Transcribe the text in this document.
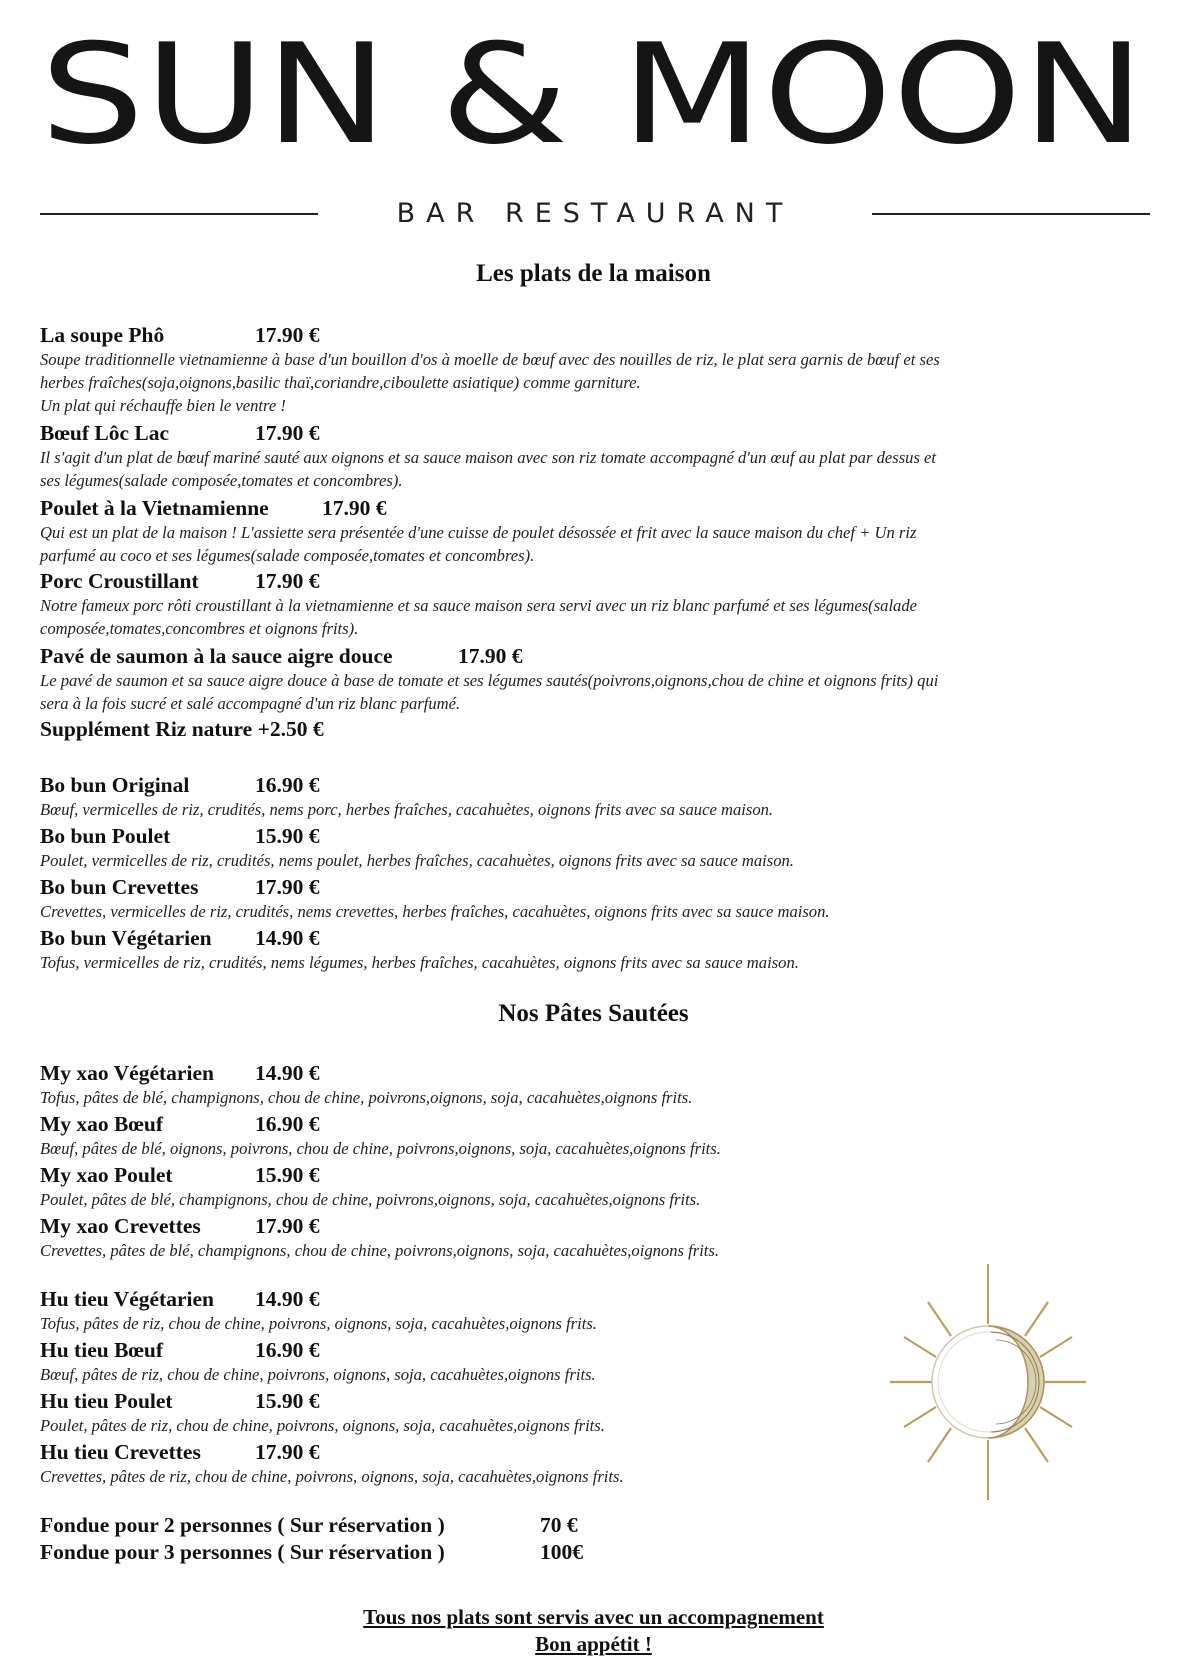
SUN & MOON
BAR RESTAURANT
Les plats de la maison
La soupe Phô	17.90 €
Soupe traditionnelle vietnamienne à base d'un bouillon d'os à moelle de bœuf avec des nouilles de riz, le plat sera garnis de bœuf et ses
herbes fraîches(soja,oignons,basilic thaï,coriandre,ciboulette asiatique) comme garniture.
Un plat qui réchauffe bien le ventre !
Bœuf Lôc Lac	17.90 €
Il s'agit d'un plat de bœuf mariné sauté aux oignons et sa sauce maison avec son riz tomate accompagné d'un œuf au plat par dessus et
ses légumes(salade composée,tomates et concombres).
Poulet à la Vietnamienne 17.90 €
Qui est un plat de la maison ! L'assiette sera présentée d'une cuisse de poulet désossée et frit avec la sauce maison du chef + Un riz
parfumé au coco et ses légumes(salade composée,tomates et concombres).
Porc Croustillant	17.90 €
Notre fameux porc rôti croustillant à la vietnamienne et sa sauce maison sera servi avec un riz blanc parfumé et ses légumes(salade
composée,tomates,concombres et oignons frits).
Pavé de saumon à la sauce aigre douce	17.90 €
Le pavé de saumon et sa sauce aigre douce à base de tomate et ses légumes sautés(poivrons,oignons,chou de chine et oignons frits) qui
sera à la fois sucré et salé accompagné d'un riz blanc parfumé.
Supplément Riz nature +2.50 €
Bo bun Original	16.90 €
Bœuf, vermicelles de riz, crudités, nems porc, herbes fraîches, cacahuètes, oignons frits avec sa sauce maison.
Bo bun Poulet	15.90 €
Poulet, vermicelles de riz, crudités, nems poulet, herbes fraîches, cacahuètes, oignons frits avec sa sauce maison.
Bo bun Crevettes	17.90 €
Crevettes, vermicelles de riz, crudités, nems crevettes, herbes fraîches, cacahuètes, oignons frits avec sa sauce maison.
Bo bun Végétarien 14.90 €
Tofus, vermicelles de riz, crudités, nems légumes, herbes fraîches, cacahuètes, oignons frits avec sa sauce maison.
My xao Végétarien 14.90 €
Tofus, pâtes de blé, champignons, chou de chine, poivrons,oignons, soja, cacahuètes,oignons frits.
My xao Bœuf	16.90 €
Bœuf, pâtes de blé, oignons, poivrons, chou de chine, poivrons,oignons, soja, cacahuètes,oignons frits.
My xao Poulet	15.90 €
Poulet, pâtes de blé, champignons, chou de chine, poivrons,oignons, soja, cacahuètes,oignons frits.
My xao Crevettes	17.90 €
Crevettes, pâtes de blé, champignons, chou de chine, poivrons,oignons, soja, cacahuètes,oignons frits.
Hu tieu Végétarien 14.90 €
Tofus, pâtes de riz, chou de chine, poivrons, oignons, soja, cacahuètes,oignons frits.
Hu tieu Bœuf	16.90 €
Bœuf, pâtes de riz, chou de chine, poivrons, oignons, soja, cacahuètes,oignons frits.
Hu tieu Poulet	15.90 €
Poulet, pâtes de riz, chou de chine, poivrons, oignons, soja, cacahuètes,oignons frits.
Hu tieu Crevettes	17.90 €
Crevettes, pâtes de riz, chou de chine, poivrons, oignons, soja, cacahuètes,oignons frits.
Fondue pour 2 personnes ( Sur réservation )	70 €
Fondue pour 3 personnes ( Sur réservation )	100€
Nos Pâtes Sautées
Tous nos plats sont servis avec un accompagnement
Bon appétit !
